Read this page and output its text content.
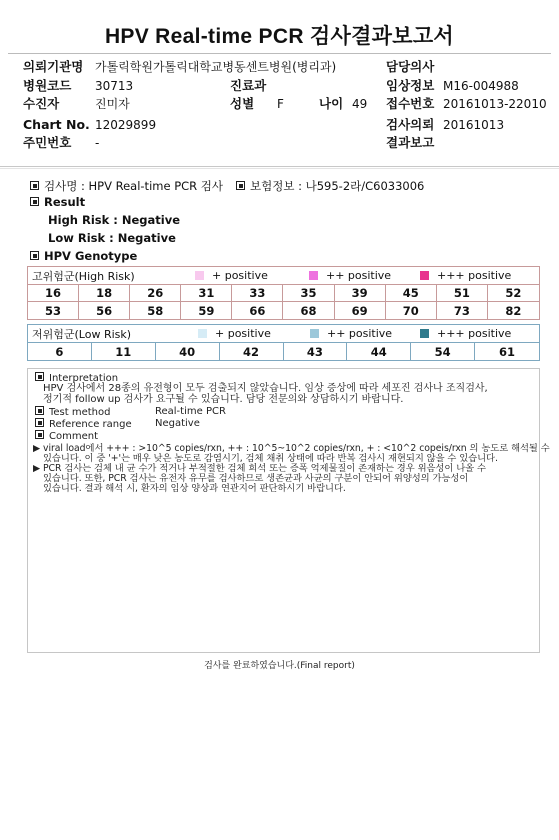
HPV Real-time PCR 검사결과보고서
의뢰기관명 가톨릭학원가톨릭대학교병동센트병원(병리과)	담당의사
병원코드 30713	진료과	임상정보 M16-004988
수진자	진미자	성별 F	나이 49 접수번호 20161013-22010
Chart No. 12029899	검사의뢰 20161013
주민번호 -	결과보고
검사명 : HPV Real-time PCR 검사	보험정보 : 나595-2라/C6033006
Result
High Risk : Negative
Low Risk : Negative
HPV Genotype
고위험군(High Risk)	+ positive	++ positive	+++ positive
16	18	26	31	33	35	39	45	51	52
53	56	58	59	66	68	69	70	73	82
저위험군(Low Risk)	+ positive	++ positive	+++ positive
6	11	40	42	43	44	54	61
Interpretation
HPV 검사에서 28종의 유전형이 모두 검출되지 않았습니다. 임상 증상에 따라 세포진 검사나 조직검사,
정기적 follow up 검사가 요구될 수 있습니다. 담당 전문의와 상담하시기 바랍니다.
Test method	Real-time PCR
Reference range Negative
Comment
▶ viral load에서 +++ : >10^5 copies/rxn, ++ : 10^5~10^2 copies/rxn, + : <10^2 copeis/rxn 의 농도로 해석될 수
있습니다. 이 중 '+'는 매우 낮은 농도로 감염시기, 검체 채취 상태에 따라 반복 검사시 재현되지 않을 수 있습니다.
▶ PCR 검사는 검체 내 균 수가 적거나 부적절한 검체 희석 또는 증폭 억제물질이 존재하는 경우 위음성이 나올 수
있습니다. 또한, PCR 검사는 유전자 유무를 검사하므로 생존균과 사균의 구분이 안되어 위양성의 가능성이
있습니다. 결과 해석 시, 환자의 임상 양상과 연관지어 판단하시기 바랍니다.
검사를 완료하였습니다.(Final report)
